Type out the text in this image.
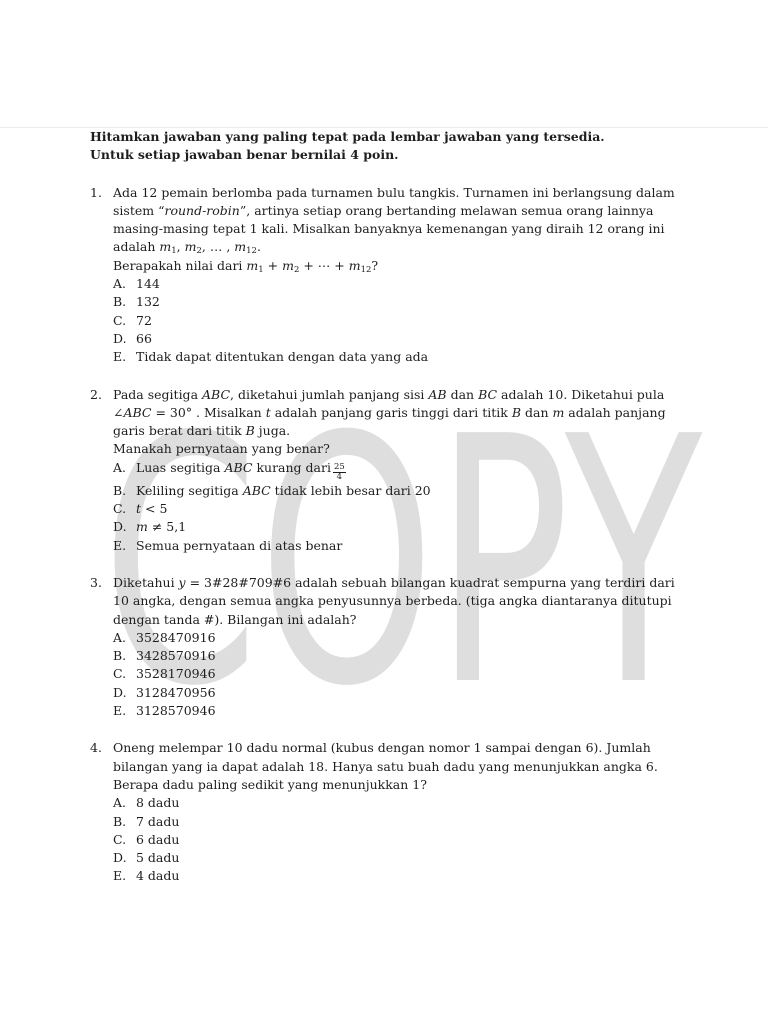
COPY

Hitamkan jawaban yang paling tepat pada lembar jawaban yang tersedia.

Untuk setiap jawaban benar bernilai 4 poin.

1. Ada 12 pemain berlomba pada turnamen bulu tangkis. Turnamen ini berlangsung dalam sistem “round-robin”, artinya setiap orang bertanding melawan semua orang lainnya masing-masing tepat 1 kali. Misalkan banyaknya kemenangan yang diraih 12 orang ini adalah $m_1$, $m_2$, … , $m_{12}$.

Berapakah nilai dari $m_1 + m_2$ + ⋯ + $m_{12}$?

A. 144
B. 132
C. 72
D. 66
E. Tidak dapat ditentukan dengan data yang ada
2. Pada segitiga ABC, diketahui jumlah panjang sisi AB dan BC adalah 10. Diketahui pula ∠ABC = 30° . Misalkan t adalah panjang garis tinggi dari titik B dan m adalah panjang garis berat dari titik B juga.

Manakah pernyataan yang benar?

A. Luas segitiga ABC kurang dari $\frac{25}{4}$
B. Keliling segitiga ABC tidak lebih besar dari 20
C. t < 5
D. m ≠ 5,1
E. Semua pernyataan di atas benar
3. Diketahui y = 3#28#709#6 adalah sebuah bilangan kuadrat sempurna yang terdiri dari 10 angka, dengan semua angka penyusunnya berbeda. (tiga angka diantaranya ditutupi dengan tanda #). Bilangan ini adalah?

A. 3528470916
B. 3428570916
C. 3528170946
D. 3128470956
E. 3128570946
4. Oneng melempar 10 dadu normal (kubus dengan nomor 1 sampai dengan 6). Jumlah bilangan yang ia dapat adalah 18. Hanya satu buah dadu yang menunjukkan angka 6. Berapa dadu paling sedikit yang menunjukkan 1?

A. 8 dadu
B. 7 dadu
C. 6 dadu
D. 5 dadu
E. 4 dadu
